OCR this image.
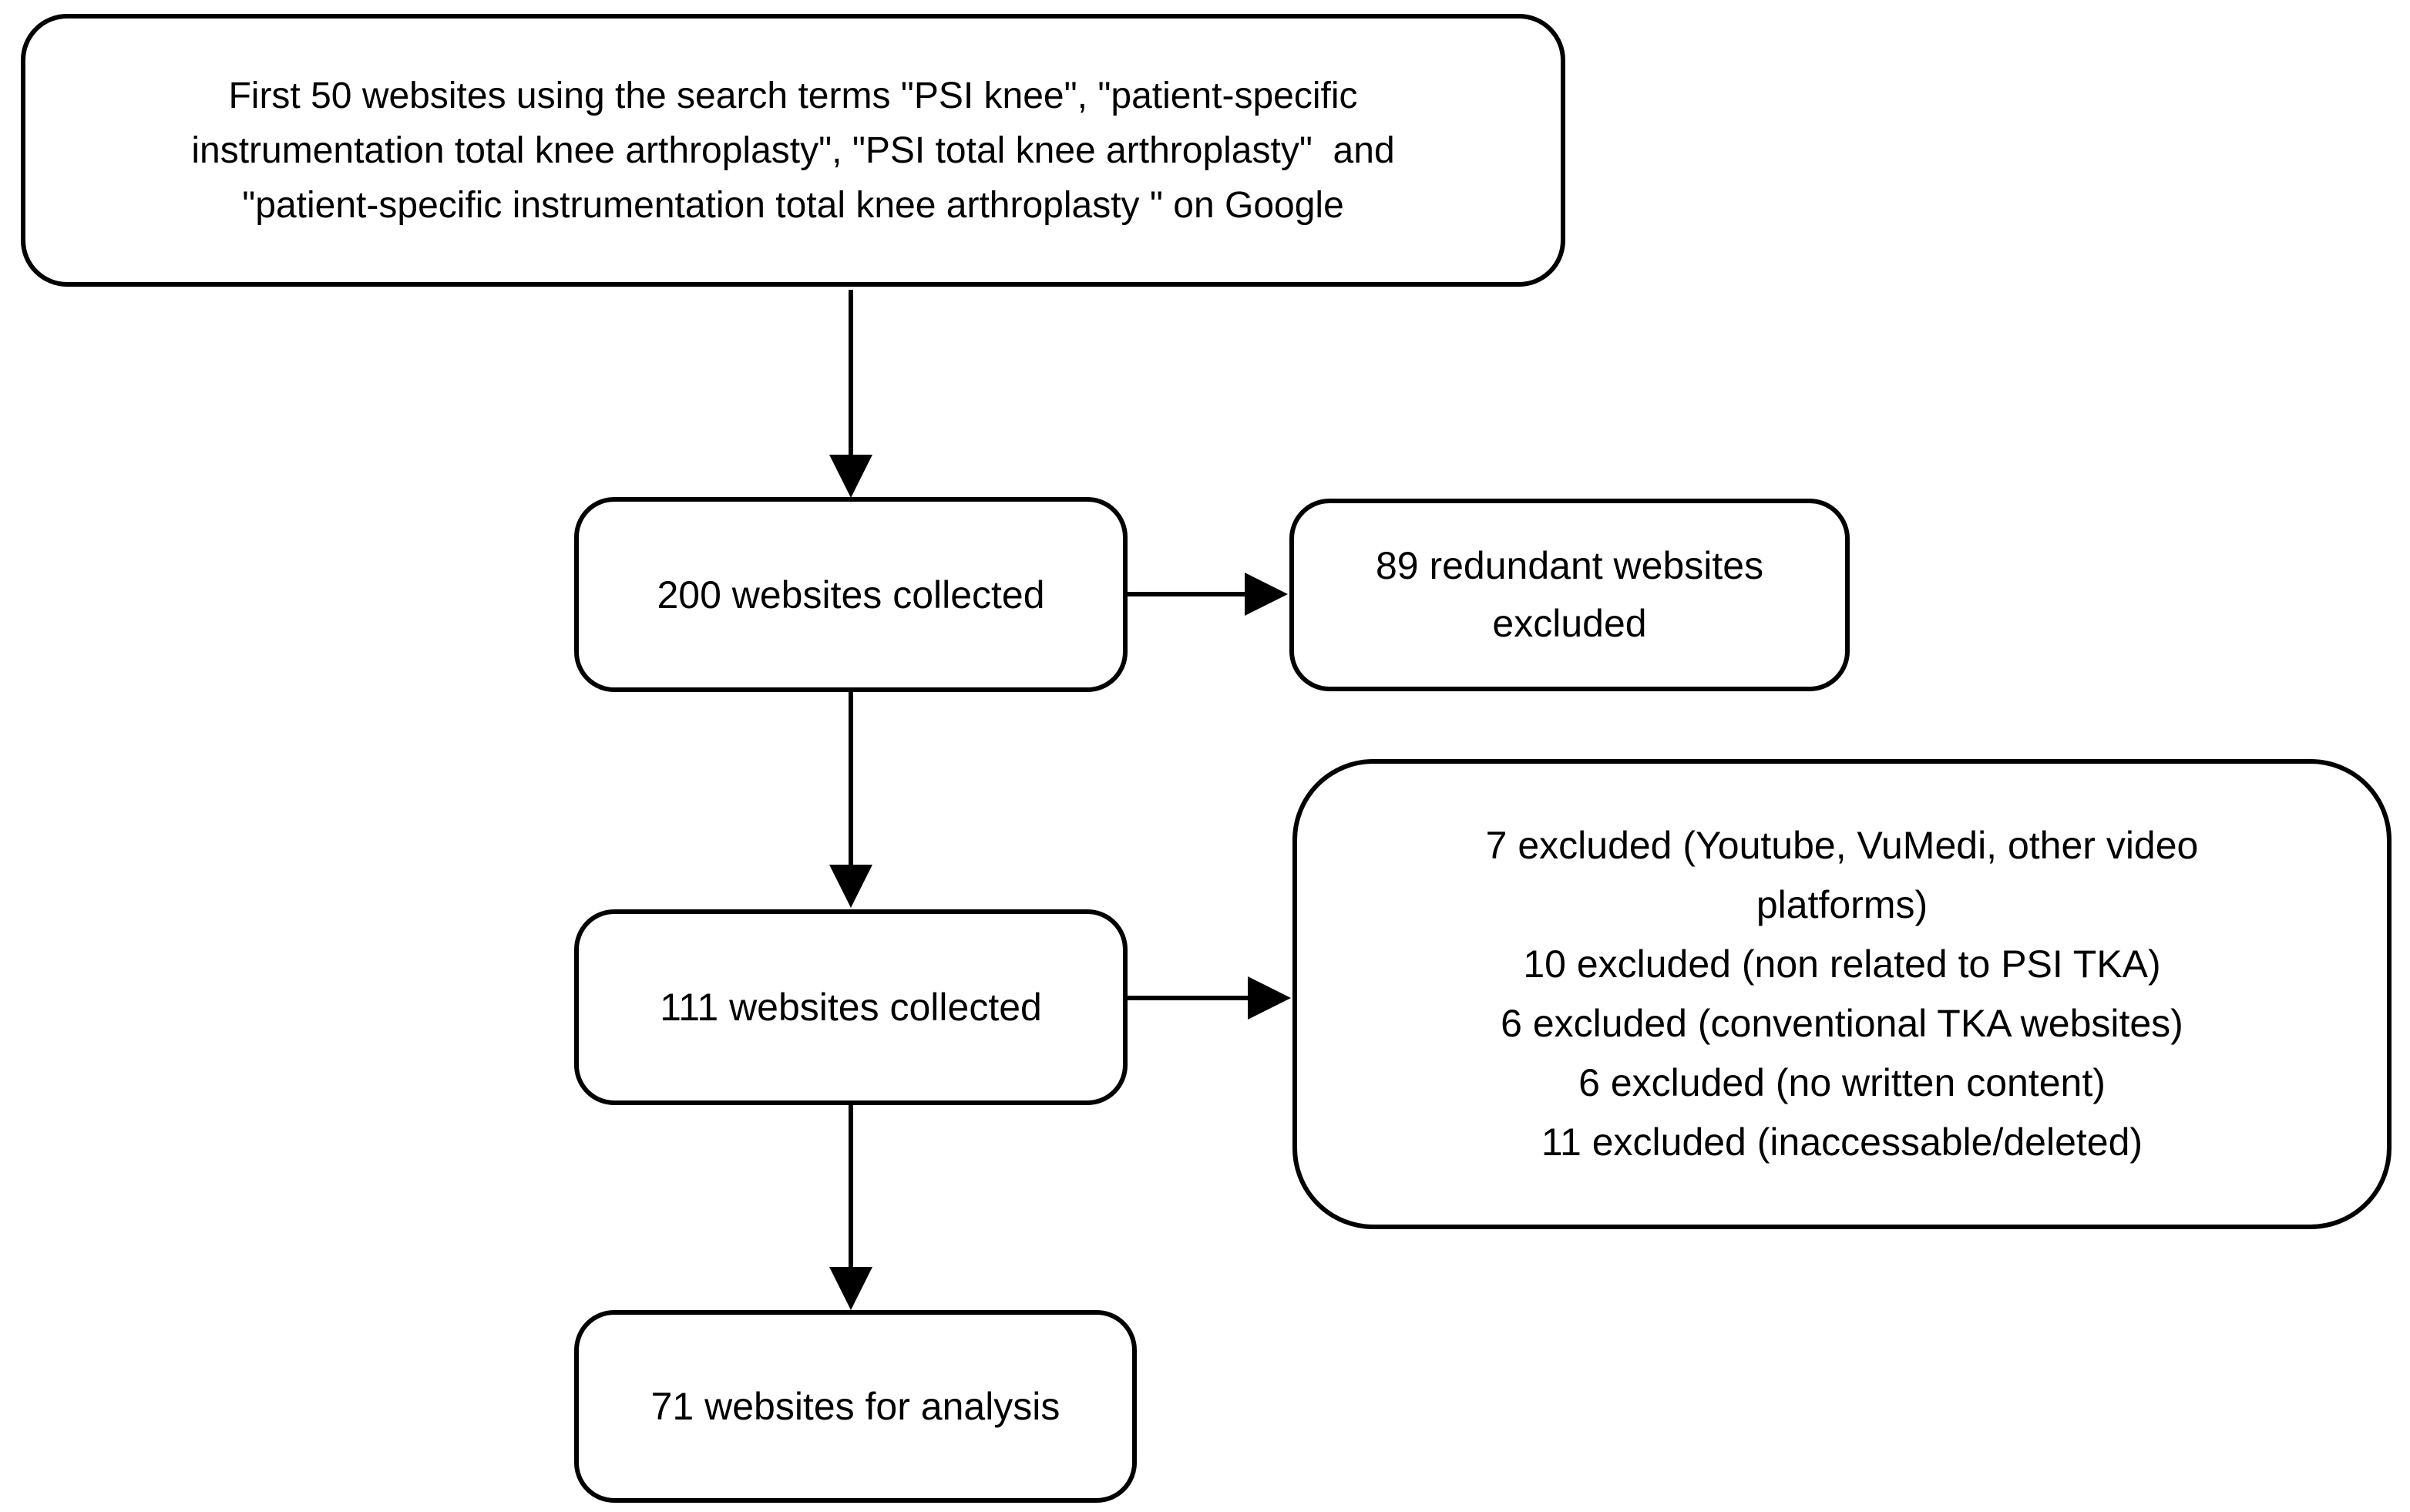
First 50 websites using the search terms "PSI knee", "patient-specific
instrumentation total knee arthroplasty", "PSI total knee arthroplasty"  and
"patient-specific instrumentation total knee arthroplasty " on Google
200 websites collected
89 redundant websites excluded
111 websites collected
7 excluded (Youtube, VuMedi, other video platforms)
10 excluded (non related to PSI TKA)
6 excluded (conventional TKA websites)
6 excluded (no written content)
11 excluded (inaccessable/deleted)
71 websites for analysis
